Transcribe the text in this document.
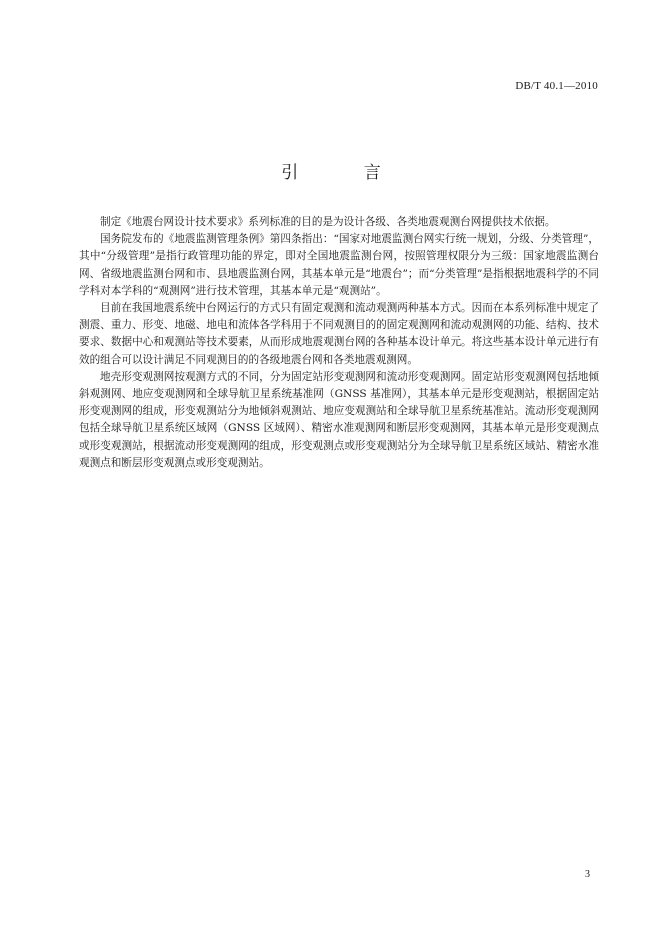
DB/T 40.1—2010
引 言

制定《地震台网设计技术要求》系列标准的目的是为设计各级、各类地震观测台网提供技术依据。

国务院发布的《地震监测管理条例》第四条指出：“国家对地震监测台网实行统一规划，分级、分类管理”，其中“分级管理”是指行政管理功能的界定，即对全国地震监测台网，按照管理权限分为三级：国家地震监测台网、省级地震监测台网和市、县地震监测台网，其基本单元是“地震台”；而“分类管理”是指根据地震科学的不同学科对本学科的“观测网”进行技术管理，其基本单元是“观测站”。

目前在我国地震系统中台网运行的方式只有固定观测和流动观测两种基本方式。因而在本系列标准中规定了测震、重力、形变、地磁、地电和流体各学科用于不同观测目的的固定观测网和流动观测网的功能、结构、技术要求、数据中心和观测站等技术要素，从而形成地震观测台网的各种基本设计单元。将这些基本设计单元进行有效的组合可以设计满足不同观测目的的各级地震台网和各类地震观测网。

地壳形变观测网按观测方式的不同，分为固定站形变观测网和流动形变观测网。固定站形变观测网包括地倾斜观测网、地应变观测网和全球导航卫星系统基准网（GNSS 基准网），其基本单元是形变观测站，根据固定站形变观测网的组成，形变观测站分为地倾斜观测站、地应变观测站和全球导航卫星系统基准站。流动形变观测网包括全球导航卫星系统区域网（GNSS 区域网）、精密水准观测网和断层形变观测网，其基本单元是形变观测点或形变观测站，根据流动形变观测网的组成，形变观测点或形变观测站分为全球导航卫星系统区域站、精密水准观测点和断层形变观测点或形变观测站。

3
